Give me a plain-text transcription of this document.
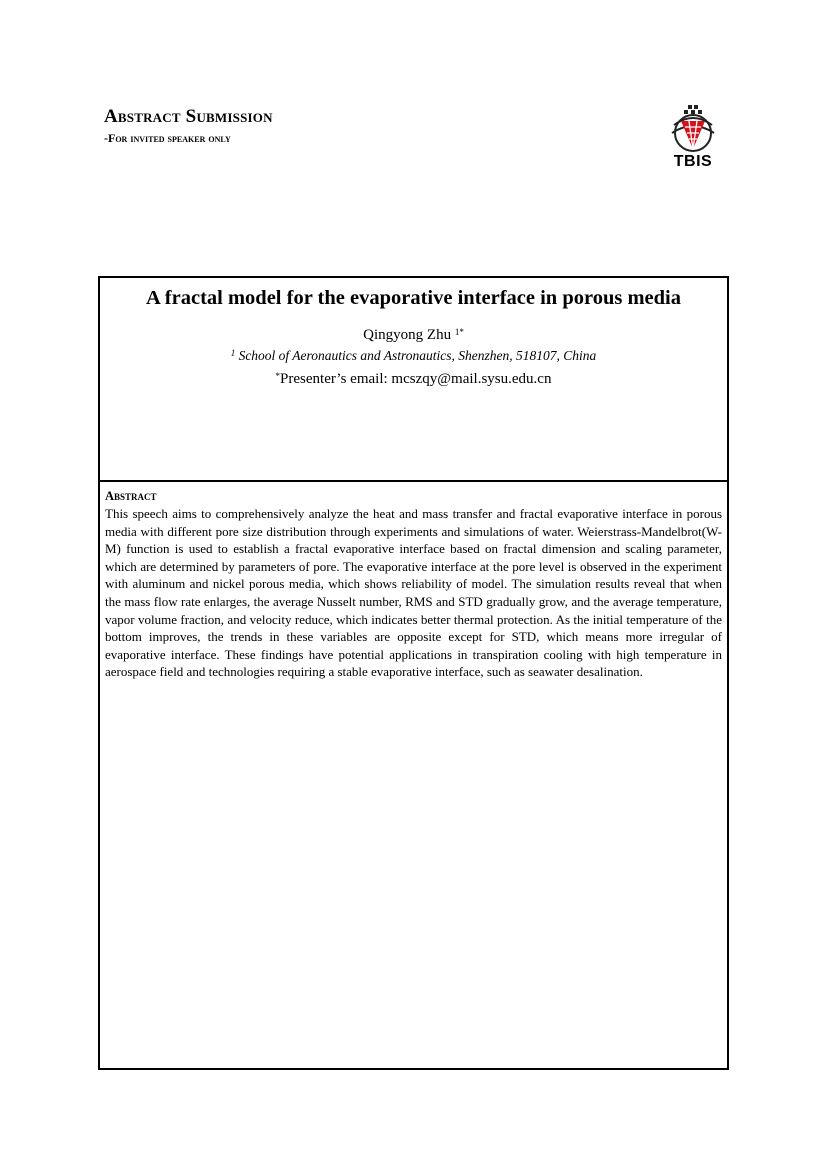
Abstract Submission
-For invited speaker only
TBIS
A fractal model for the evaporative interface in porous media
Qingyong Zhu $^{1*}$
$^1$ School of Aeronautics and Astronautics, Shenzhen, 518107, China
*Presenter’s email: mcszqy@mail.sysu.edu.cn
Abstract
This speech aims to comprehensively analyze the heat and mass transfer and fractal evaporative interface in porous media with different pore size distribution through experiments and simulations of water. Weierstrass-Mandelbrot(W-M) function is used to establish a fractal evaporative interface based on fractal dimension and scaling parameter, which are determined by parameters of pore. The evaporative interface at the pore level is observed in the experiment with aluminum and nickel porous media, which shows reliability of model. The simulation results reveal that when the mass flow rate enlarges, the average Nusselt number, RMS and STD gradually grow, and the average temperature, vapor volume fraction, and velocity reduce, which indicates better thermal protection. As the initial temperature of the bottom improves, the trends in these variables are opposite except for STD, which means more irregular of evaporative interface. These findings have potential applications in transpiration cooling with high temperature in aerospace field and technologies requiring a stable evaporative interface, such as seawater desalination.
